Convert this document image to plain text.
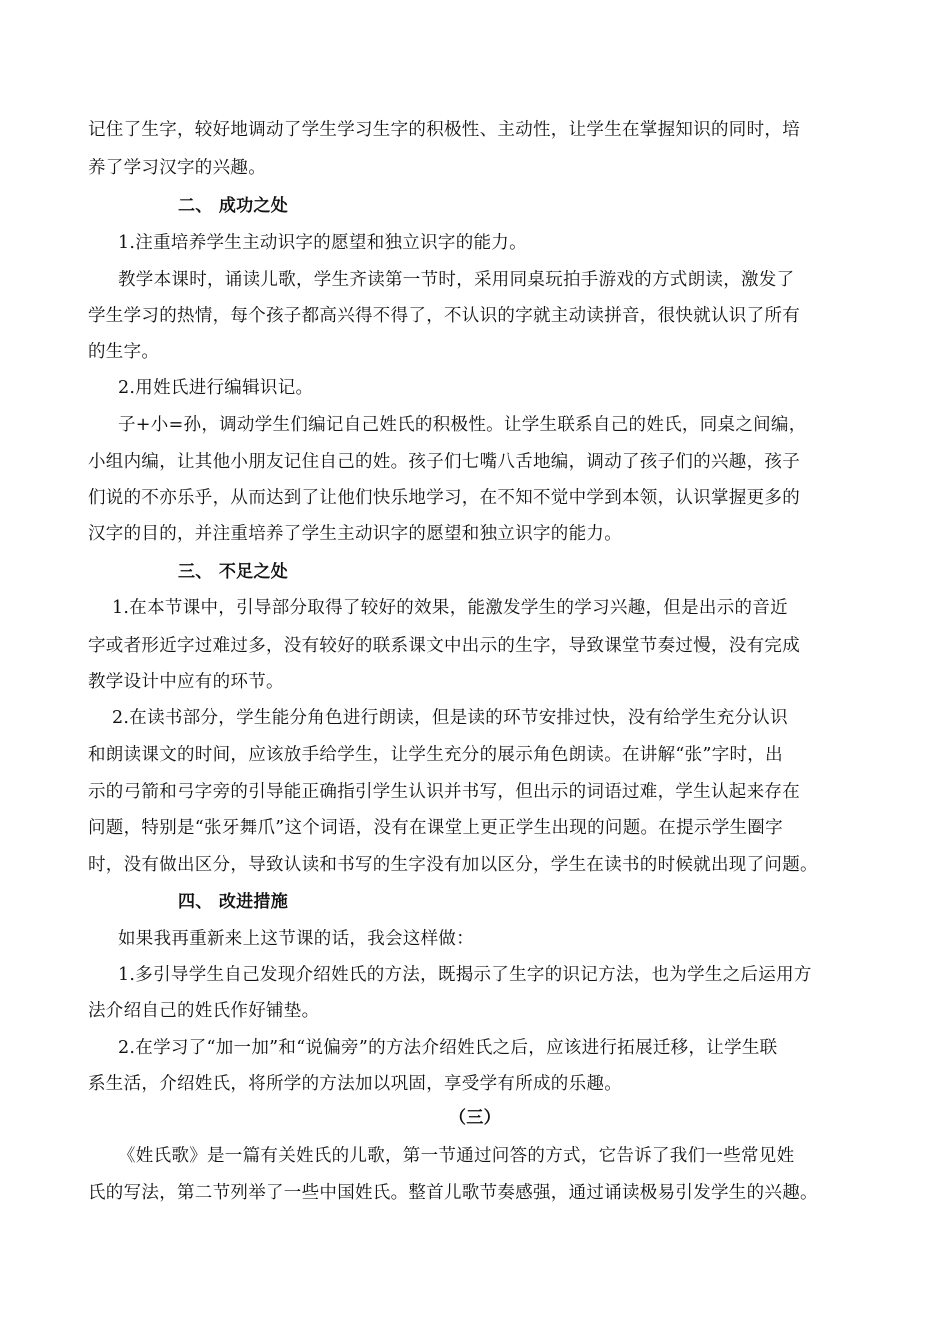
记住了生字，较好地调动了学生学习生字的积极性、主动性，让学生在掌握知识的同时，培
养了学习汉字的兴趣。
二、 成功之处
1.注重培养学生主动识字的愿望和独立识字的能力。
教学本课时，诵读儿歌，学生齐读第一节时，采用同桌玩拍手游戏的方式朗读，激发了
学生学习的热情，每个孩子都高兴得不得了，不认识的字就主动读拼音，很快就认识了所有
的生字。
2.用姓氏进行编辑识记。
子+小=孙，调动学生们编记自己姓氏的积极性。让学生联系自己的姓氏，同桌之间编，
小组内编，让其他小朋友记住自己的姓。孩子们七嘴八舌地编，调动了孩子们的兴趣，孩子
们说的不亦乐乎，从而达到了让他们快乐地学习，在不知不觉中学到本领，认识掌握更多的
汉字的目的，并注重培养了学生主动识字的愿望和独立识字的能力。
三、 不足之处
1.在本节课中，引导部分取得了较好的效果，能激发学生的学习兴趣，但是出示的音近
字或者形近字过难过多，没有较好的联系课文中出示的生字，导致课堂节奏过慢，没有完成
教学设计中应有的环节。
2.在读书部分，学生能分角色进行朗读，但是读的环节安排过快，没有给学生充分认识
和朗读课文的时间，应该放手给学生，让学生充分的展示角色朗读。在讲解“张”字时，出
示的弓箭和弓字旁的引导能正确指引学生认识并书写，但出示的词语过难，学生认起来存在
问题，特别是“张牙舞爪”这个词语，没有在课堂上更正学生出现的问题。在提示学生圈字
时，没有做出区分，导致认读和书写的生字没有加以区分，学生在读书的时候就出现了问题。
四、 改进措施
如果我再重新来上这节课的话，我会这样做：
1.多引导学生自己发现介绍姓氏的方法，既揭示了生字的识记方法，也为学生之后运用方
法介绍自己的姓氏作好铺垫。
2.在学习了“加一加”和“说偏旁”的方法介绍姓氏之后，应该进行拓展迁移，让学生联
系生活，介绍姓氏，将所学的方法加以巩固，享受学有所成的乐趣。
（三）
《姓氏歌》是一篇有关姓氏的儿歌，第一节通过问答的方式，它告诉了我们一些常见姓
氏的写法，第二节列举了一些中国姓氏。整首儿歌节奏感强，通过诵读极易引发学生的兴趣。
